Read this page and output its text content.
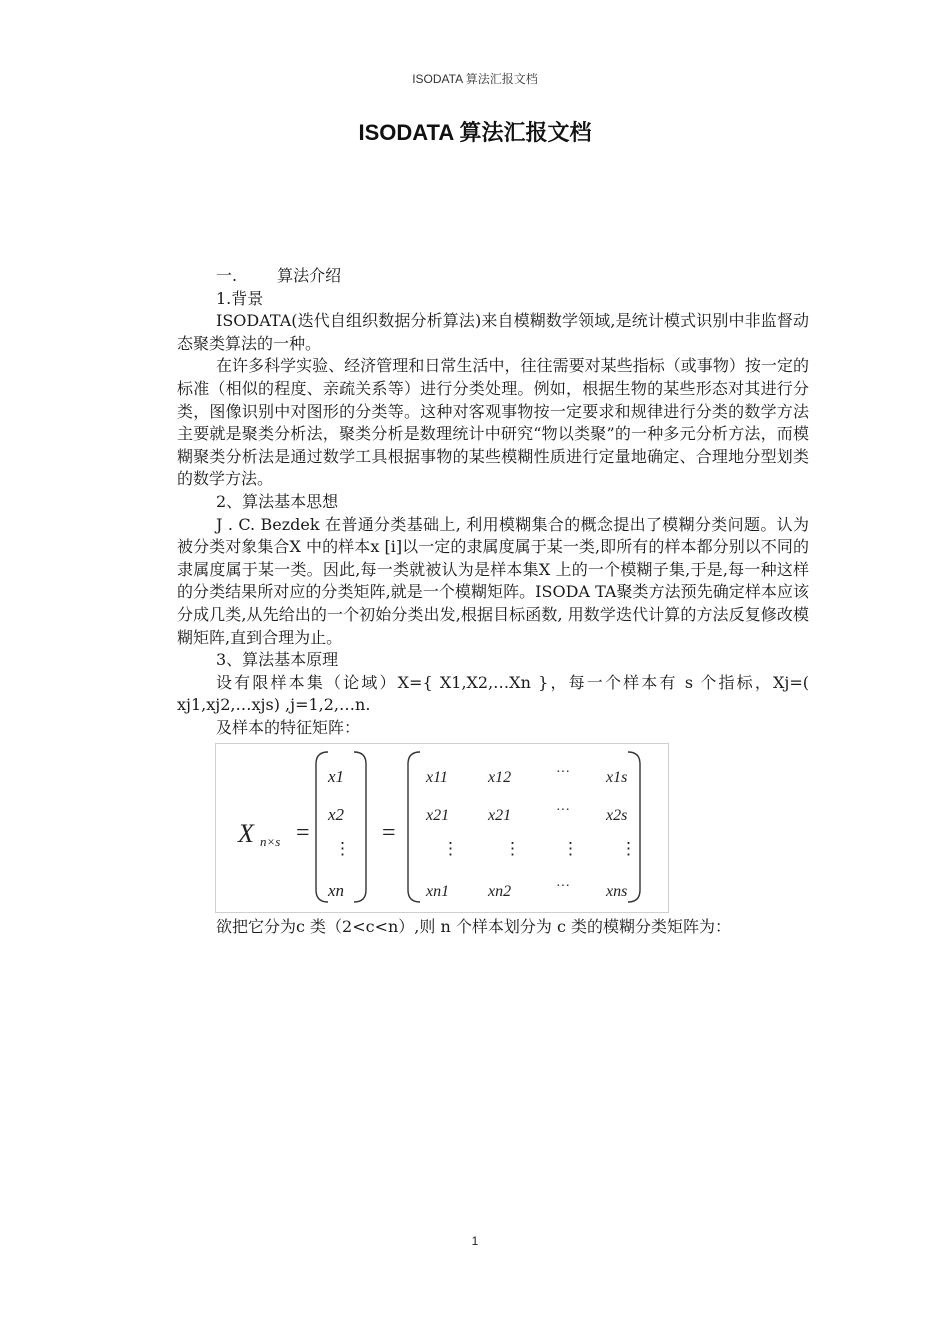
ISODATA 算法汇报文档
ISODATA 算法汇报文档

一.	算法介绍

1.背景

ISODATA(迭代自组织数据分析算法)来自模糊数学领域,是统计模式识别中非监督动态聚类算法的一种。

在许多科学实验、经济管理和日常生活中，往往需要对某些指标（或事物）按一定的标准（相似的程度、亲疏关系等）进行分类处理。例如，根据生物的某些形态对其进行分类，图像识别中对图形的分类等。这种对客观事物按一定要求和规律进行分类的数学方法主要就是聚类分析法，聚类分析是数理统计中研究“物以类聚”的一种多元分析方法，而模糊聚类分析法是通过数学工具根据事物的某些模糊性质进行定量地确定、合理地分型划类的数学方法。

2、算法基本思想

J . C. Bezdek 在普通分类基础上, 利用模糊集合的概念提出了模糊分类问题。认为被分类对象集合X 中的样本x [i]以一定的隶属度属于某一类,即所有的样本都分别以不同的隶属度属于某一类。因此,每一类就被认为是样本集X 上的一个模糊子集,于是,每一种这样的分类结果所对应的分类矩阵,就是一个模糊矩阵。ISODA TA聚类方法预先确定样本应该分成几类,从先给出的一个初始分类出发,根据目标函数, 用数学迭代计算的方法反复修改模糊矩阵,直到合理为止。

3、算法基本原理

设有限样本集（论域）X={ X1,X2,…Xn }，每一个样本有 s 个指标，Xj=( xj1,xj2,…xjs) ,j=1,2,…n.

及样本的特征矩阵：

X n×s =
x1
x2
⋮
xn
=
x11	x12	··· x1s
x21 x21	··· x2s
⋮	⋮ ⋮ ⋮
xn1 xn2	··· xns

欲把它分为c 类（2<c<n）,则 n 个样本划分为 c 类的模糊分类矩阵为：

1
